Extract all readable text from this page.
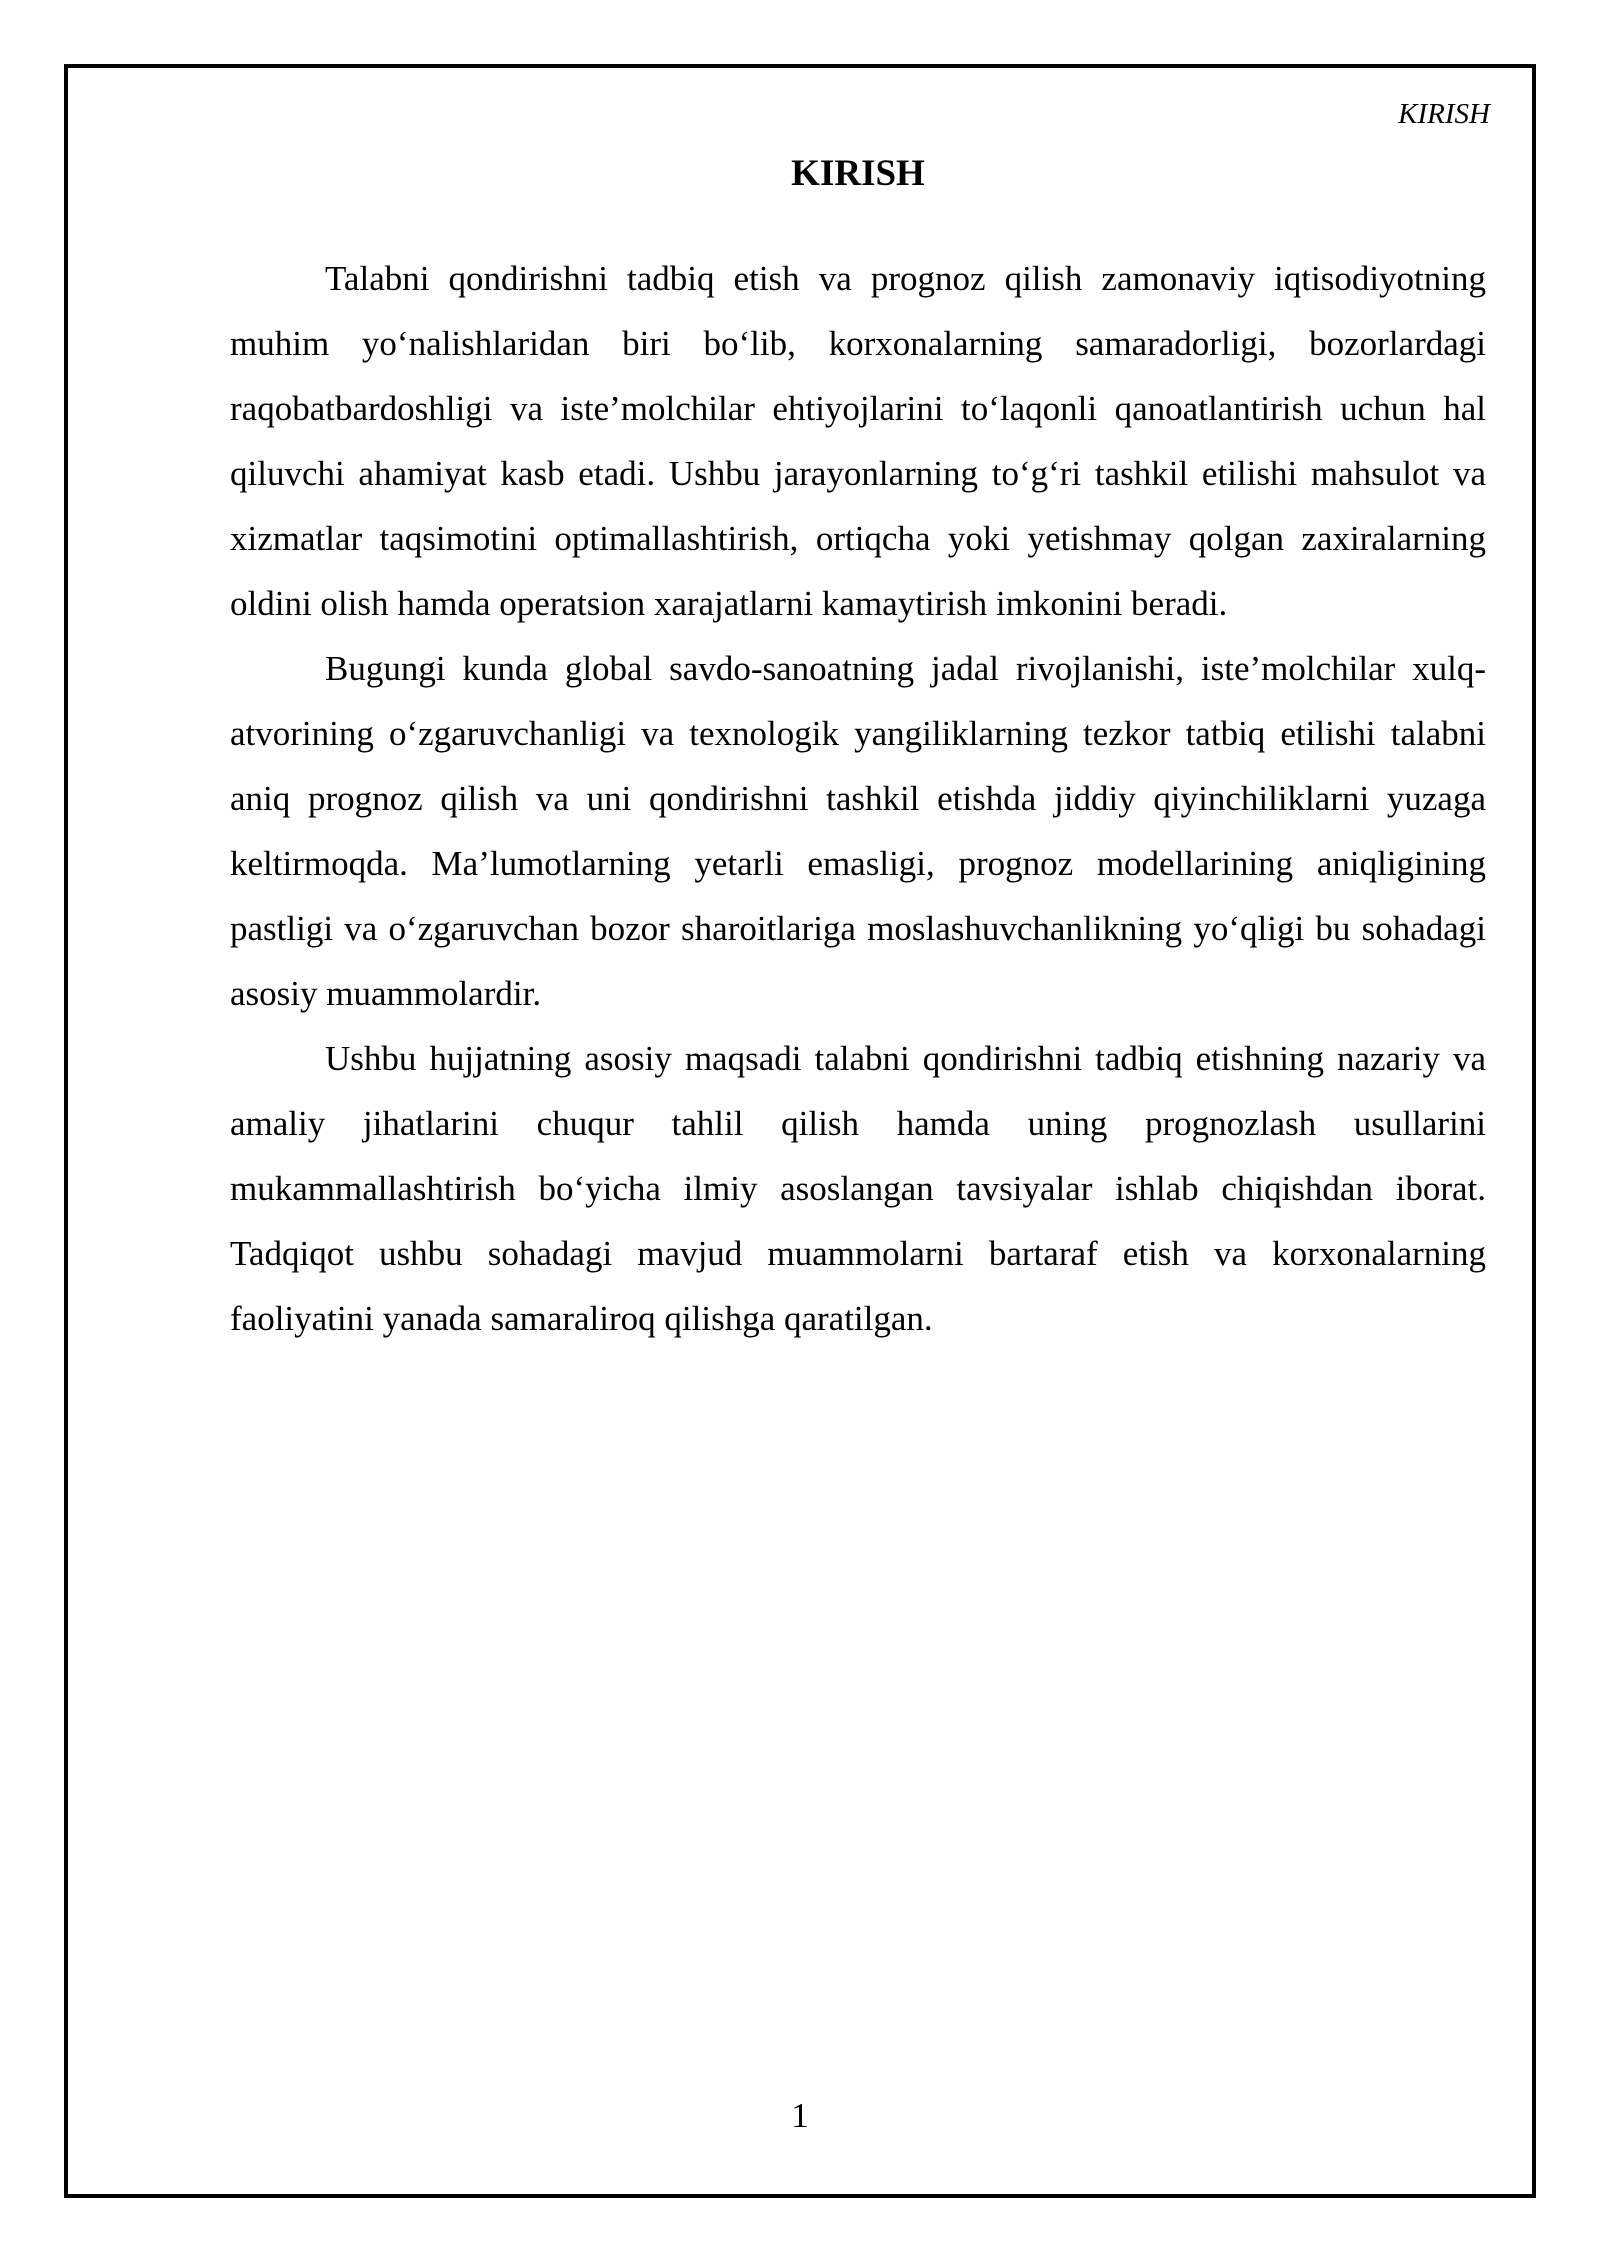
KIRISH
KIRISH

Talabni qondirishni tadbiq etish va prognoz qilish zamonaviy iqtisodiyotning muhim yo‘nalishlaridan biri bo‘lib, korxonalarning samaradorligi, bozorlardagi raqobatbardoshligi va iste’molchilar ehtiyojlarini to‘laqonli qanoatlantirish uchun hal qiluvchi ahamiyat kasb etadi. Ushbu jarayonlarning to‘g‘ri tashkil etilishi mahsulot va xizmatlar taqsimotini optimallashtirish, ortiqcha yoki yetishmay qolgan zaxiralarning oldini olish hamda operatsion xarajatlarni kamaytirish imkonini beradi.

Bugungi kunda global savdo-sanoatning jadal rivojlanishi, iste’molchilar xulq-atvorining o‘zgaruvchanligi va texnologik yangiliklarning tezkor tatbiq etilishi talabni aniq prognoz qilish va uni qondirishni tashkil etishda jiddiy qiyinchiliklarni yuzaga keltirmoqda. Ma’lumotlarning yetarli emasligi, prognoz modellarining aniqligining pastligi va o‘zgaruvchan bozor sharoitlariga moslashuvchanlikning yo‘qligi bu sohadagi asosiy muammolardir.

Ushbu hujjatning asosiy maqsadi talabni qondirishni tadbiq etishning nazariy va amaliy jihatlarini chuqur tahlil qilish hamda uning prognozlash usullarini mukammallashtirish bo‘yicha ilmiy asoslangan tavsiyalar ishlab chiqishdan iborat. Tadqiqot ushbu sohadagi mavjud muammolarni bartaraf etish va korxonalarning faoliyatini yanada samaraliroq qilishga qaratilgan.

1
